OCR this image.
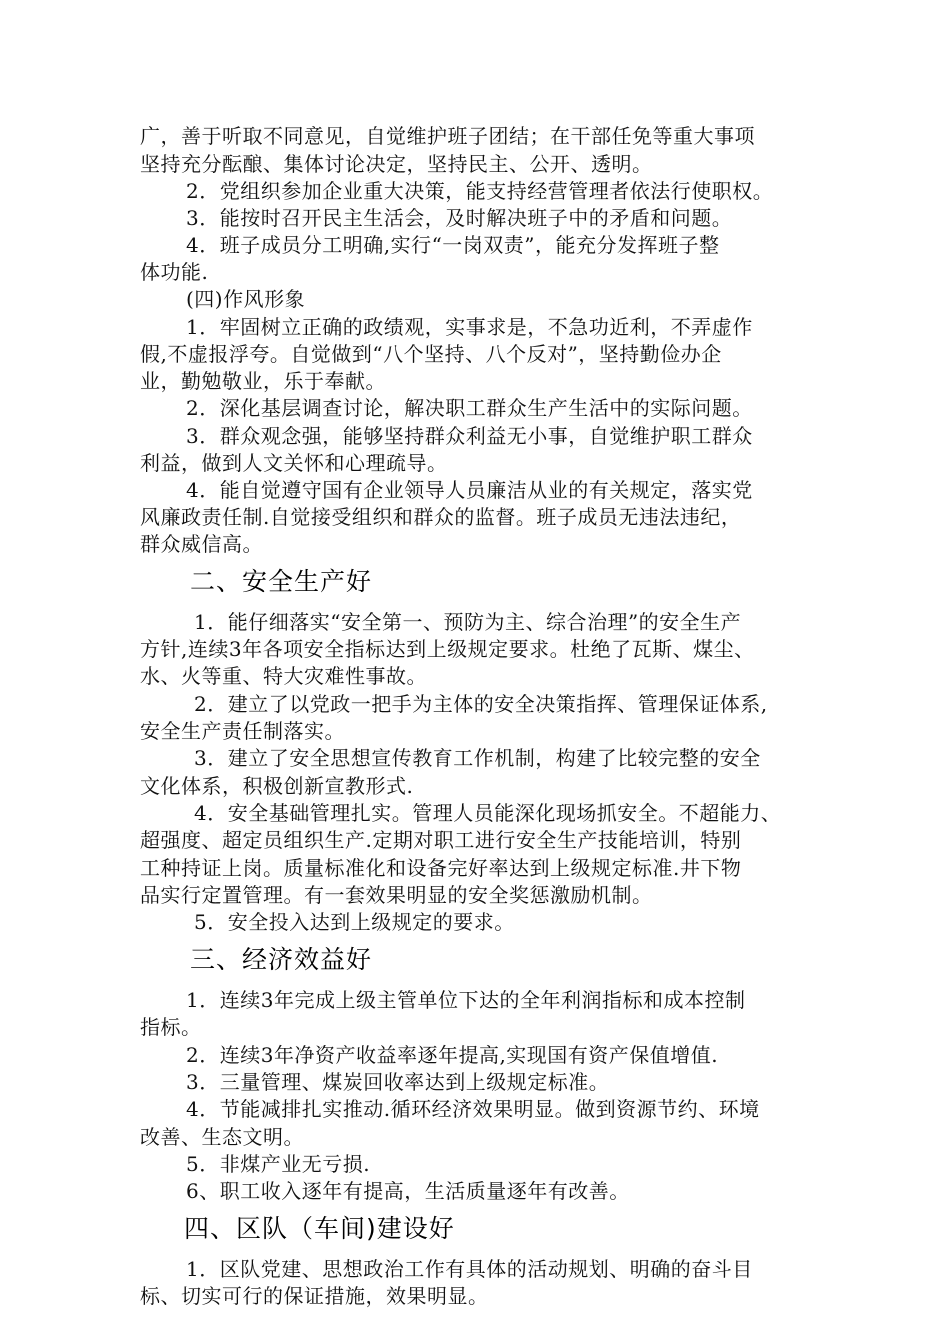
广，善于听取不同意见，自觉维护班子团结；在干部任免等重大事项
坚持充分酝酿、集体讨论决定，坚持民主、公开、透明。
2．党组织参加企业重大决策，能支持经营管理者依法行使职权。
3．能按时召开民主生活会，及时解决班子中的矛盾和问题。
4．班子成员分工明确,实行“一岗双责”，能充分发挥班子整
体功能.
(四)作风形象
1．牢固树立正确的政绩观，实事求是，不急功近利，不弄虚作
假,不虚报浮夸。自觉做到“八个坚持、八个反对”，坚持勤俭办企
业，勤勉敬业，乐于奉献。
2．深化基层调查讨论，解决职工群众生产生活中的实际问题。
3．群众观念强，能够坚持群众利益无小事，自觉维护职工群众
利益，做到人文关怀和心理疏导。
4．能自觉遵守国有企业领导人员廉洁从业的有关规定，落实党
风廉政责任制.自觉接受组织和群众的监督。班子成员无违法违纪，
群众威信高。
二、安全生产好
1．能仔细落实“安全第一、预防为主、综合治理”的安全生产
方针,连续3年各项安全指标达到上级规定要求。杜绝了瓦斯、煤尘、
水、火等重、特大灾难性事故。
2．建立了以党政一把手为主体的安全决策指挥、管理保证体系,
安全生产责任制落实。
3．建立了安全思想宣传教育工作机制，构建了比较完整的安全
文化体系，积极创新宣教形式.
4．安全基础管理扎实。管理人员能深化现场抓安全。不超能力、
超强度、超定员组织生产.定期对职工进行安全生产技能培训，特别
工种持证上岗。质量标准化和设备完好率达到上级规定标准.井下物
品实行定置管理。有一套效果明显的安全奖惩激励机制。
5．安全投入达到上级规定的要求。
三、经济效益好
1．连续3年完成上级主管单位下达的全年利润指标和成本控制
指标。
2．连续3年净资产收益率逐年提高,实现国有资产保值增值.
3．三量管理、煤炭回收率达到上级规定标准。
4．节能减排扎实推动.循环经济效果明显。做到资源节约、环境
改善、生态文明。
5．非煤产业无亏损.
6、职工收入逐年有提高，生活质量逐年有改善。
四、区队（车间)建设好
1．区队党建、思想政治工作有具体的活动规划、明确的奋斗目
标、切实可行的保证措施，效果明显。
